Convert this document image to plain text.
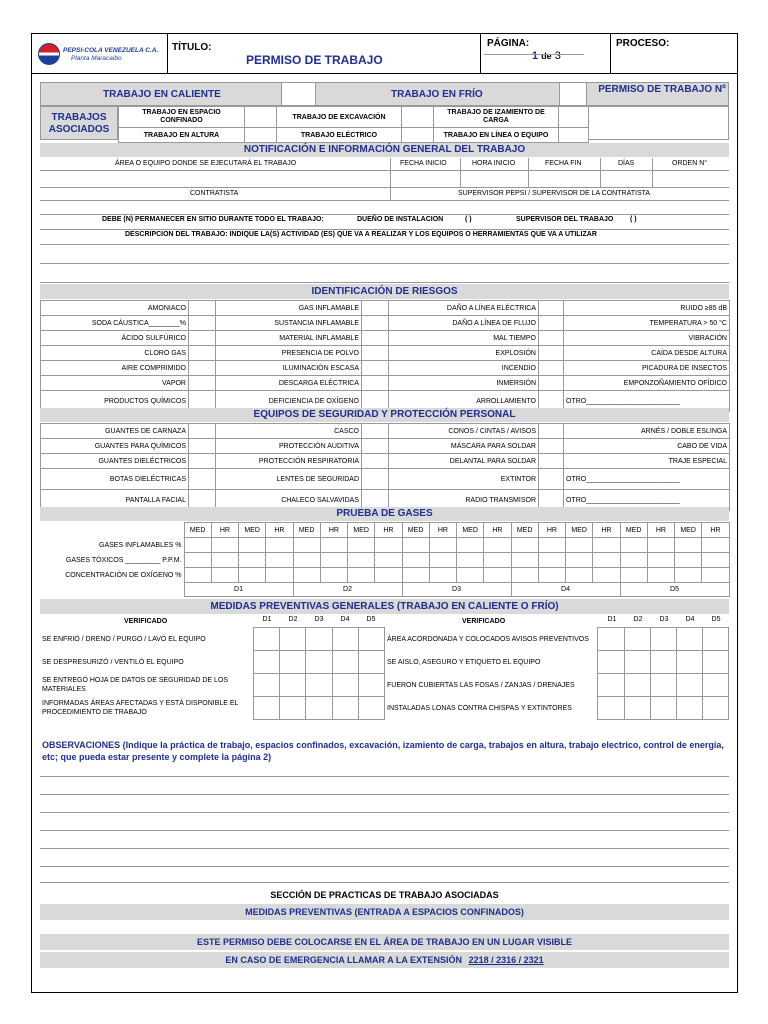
PEPSI-COLA VENEZUELA C.A.
Planta Maracaibo
TÍTULO:
PERMISO DE TRABAJO
PÁGINA:
1 de 3
PROCESO:
TRABAJO EN CALIENTE	TRABAJO EN FRÍO	PERMISO DE TRABAJO Nº
TRABAJOS ASOCIADOS
TRABAJO EN ESPACIO CONFINADO		TRABAJO DE EXCAVACIÓN		TRABAJO DE IZAMIENTO DE CARGA	
TRABAJO EN ALTURA		TRABAJO ELÉCTRICO		TRABAJO EN LÍNEA O EQUIPO	
NOTIFICACIÓN E INFORMACIÓN GENERAL DEL TRABAJO
ÁREA O EQUIPO DONDE SE EJECUTARÁ EL TRABAJO	FECHA INICIO	HORA INICIO	FECHA FIN	DÍAS	ORDEN N°
CONTRATISTA	SUPERVISOR PEPSI / SUPERVISOR DE LA CONTRATISTA
DEBE (N) PERMANECER EN SITIO DURANTE TODO EL TRABAJO:	DUEÑO DE INSTALACION	( )	SUPERVISOR DEL TRABAJO ( )
DESCRIPCION DEL TRABAJO: INDIQUE LA(S) ACTIVIDAD (ES) QUE VA A REALIZAR Y LOS EQUIPOS O HERRAMIENTAS QUE VA A UTILIZAR
IDENTIFICACIÓN DE RIESGOS
AMONIACO		GAS INFLAMABLE		DAÑO A LÍNEA ELÉCTRICA		RUIDO ≥85 dB
SODA CÁUSTICA________%		SUSTANCIA INFLAMABLE		DAÑO A LÍNEA DE FLUJO		TEMPERATURA > 50 °C
ÁCIDO SULFÚRICO		MATERIAL INFLAMABLE		MAL TIEMPO		VIBRACIÓN
CLORO GAS		PRESENCIA DE POLVO		EXPLOSIÓN		CAÍDA DESDE ALTURA
AIRE COMPRIMIDO		ILUMINACIÓN ESCASA		INCENDIO		PICADURA DE INSECTOS
VAPOR		DESCARGA ELÉCTRICA		INMERSIÓN		EMPONZOÑAMIENTO OFÍDICO
PRODUCTOS QUÍMICOS		DEFICIENCIA DE OXÍGENO		ARROLLAMIENTO		OTRO________________________
EQUIPOS DE SEGURIDAD Y PROTECCIÓN PERSONAL
GUANTES DE CARNAZA		CASCO		CONOS / CINTAS / AVISOS		ARNÉS / DOBLE ESLINGA
GUANTES PARA QUÍMICOS		PROTECCIÓN AUDITIVA		MÁSCARA PARA SOLDAR		CABO DE VIDA
GUANTES DIELÉCTRICOS		PROTECCIÓN RESPIRATORIA		DELANTAL PARA SOLDAR		TRAJE ESPECIAL
BOTAS DIELÉCTRICAS		LENTES DE SEGURIDAD		EXTINTOR		OTRO________________________
PANTALLA FACIAL		CHALECO SALVAVIDAS		RADIO TRANSMISOR		OTRO________________________
PRUEBA DE GASES
	MED	HR	MED	HR	MED	HR	MED	HR	MED	HR	MED	HR	MED	HR	MED	HR	MED	HR	MED	HR
GASES INFLAMABLES %																				
GASES TÓXICOS _________ P.P.M.																				
CONCENTRACIÓN DE OXÍGENO %																				
	D1				D2				D3				D4				D5			
MEDIDAS PREVENTIVAS GENERALES (TRABAJO EN CALIENTE O FRÍO)
VERIFICADO	VERIFICADO
SE ENFRIÓ / DRENO / PURGO / LAVÓ EL EQUIPO					
SE DESPRESURIZÓ / VENTILÓ EL EQUIPO					
SE ENTREGÓ HOJA DE DATOS DE SEGURIDAD DE LOS MATERIALES					
INFORMADAS ÁREAS AFECTADAS Y ESTÁ DISPONIBLE EL PROCEDIMIENTO DE TRABAJO					
D1	D2	D3	D4	D5
ÁREA ACORDONADA Y COLOCADOS AVISOS PREVENTIVOS					
SE AISLO, ASEGURO Y ETIQUETO EL EQUIPO					
FUERON CUBIERTAS LAS FOSAS / ZANJAS / DRENAJES					
INSTALADAS LONAS CONTRA CHISPAS Y EXTINTORES					
D1	D2	D3	D4	D5
OBSERVACIONES (Indique la práctica de trabajo, espacios confinados, excavación, izamiento de carga, trabajos en altura, trabajo electrico, control de energía, etc; que pueda estar presente y complete la página 2)
SECCIÓN DE PRACTICAS DE TRABAJO ASOCIADAS
MEDIDAS PREVENTIVAS (ENTRADA A ESPACIOS CONFINADOS)
ESTE PERMISO DEBE COLOCARSE EN EL ÁREA DE TRABAJO EN UN LUGAR VISIBLE
EN CASO DE EMERGENCIA LLAMAR A LA EXTENSIÓN 2218 / 2316 / 2321
